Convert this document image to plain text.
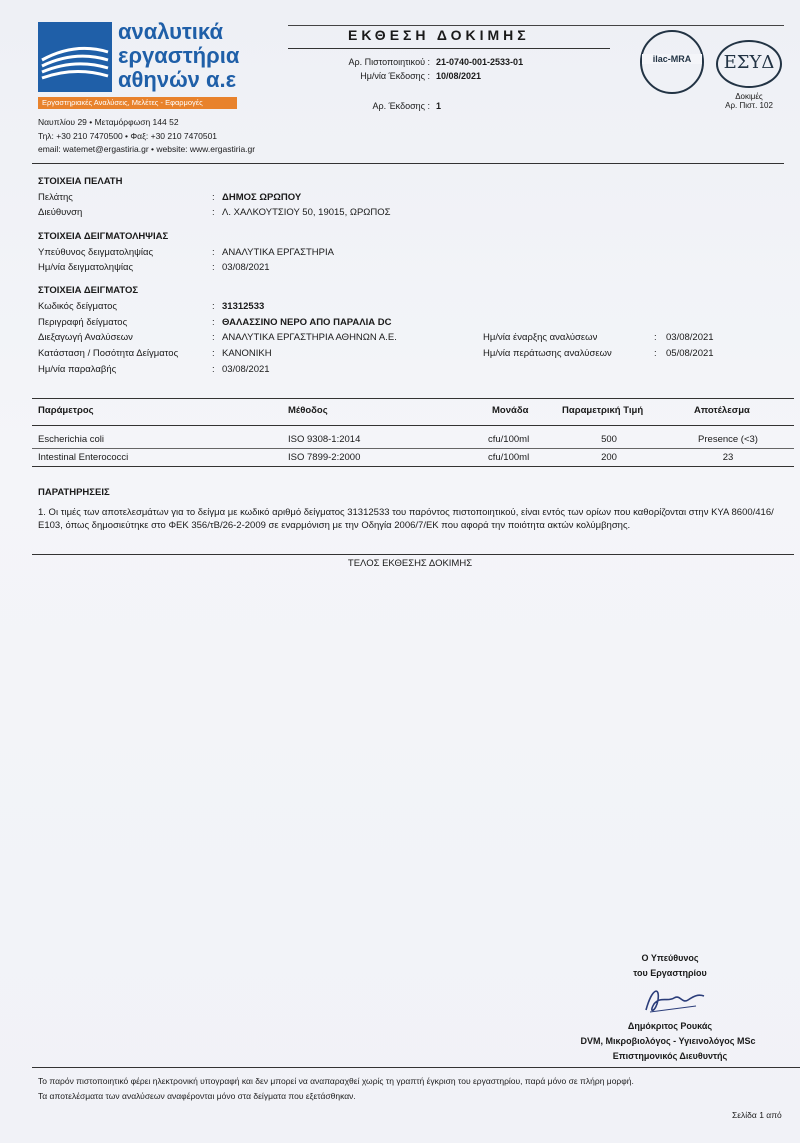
αναλυτικά
εργαστήρια
αθηνών α.ε
Εργαστηριακές Αναλύσεις, Μελέτες - Εφαρμογές
Ναυπλίου 29 • Μεταμόρφωση 144 52
Τηλ: +30 210 7470500 • Φαξ: +30 210 7470501
email: watemet@ergastiria.gr • website: www.ergastiria.gr
ΕΚΘΕΣΗ ΔΟΚΙΜΗΣ
Αρ. Πιστοποιητικού : 21-0740-001-2533-01
Ημ/νία Έκδοσης : 10/08/2021
Αρ. Έκδοσης : 1
ilac-MRA	ΕΣΥΔ
Δοκιμές
Αρ. Πιστ. 102
ΣΤΟΙΧΕΙΑ ΠΕΛΑΤΗ
Πελάτης	: ΔΗΜΟΣ ΩΡΩΠΟΥ
Διεύθυνση	: Λ. ΧΑΛΚΟΥΤΣΙΟΥ 50, 19015, ΩΡΩΠΟΣ
ΣΤΟΙΧΕΙΑ ΔΕΙΓΜΑΤΟΛΗΨΙΑΣ
Υπεύθυνος δειγματοληψίας	: ΑΝΑΛΥΤΙΚΑ ΕΡΓΑΣΤΗΡΙΑ
Ημ/νία δειγματοληψίας	: 03/08/2021
ΣΤΟΙΧΕΙΑ ΔΕΙΓΜΑΤΟΣ
Κωδικός δείγματος	: 31312533
Περιγραφή δείγματος	: ΘΑΛΑΣΣΙΝΟ ΝΕΡΟ ΑΠΟ ΠΑΡΑΛΙΑ DC
Διεξαγωγή Αναλύσεων	: ΑΝΑΛΥΤΙΚΑ ΕΡΓΑΣΤΗΡΙΑ ΑΘΗΝΩΝ Α.Ε.
Κατάσταση / Ποσότητα Δείγματος	: ΚΑΝΟΝΙΚΗ
Ημ/νία παραλαβής	: 03/08/2021
Ημ/νία έναρξης αναλύσεων	: 03/08/2021
Ημ/νία περάτωσης αναλύσεων	: 05/08/2021
Παράμετρος	Μέθοδος	Μονάδα	Παραμετρική Τιμή	Αποτέλεσμα
Escherichia coli	ISO 9308-1:2014	cfu/100ml	500	Presence (<3)
Intestinal Enterococci	ISO 7899-2:2000	cfu/100ml	200	23
ΠΑΡΑΤΗΡΗΣΕΙΣ
1. Οι τιμές των αποτελεσμάτων για το δείγμα με κωδικό αριθμό δείγματος 31312533 του παρόντος πιστοποιητικού, είναι εντός των ορίων που καθορίζονται στην ΚΥΑ 8600/416/Ε103, όπως δημοσιεύτηκε στο ΦΕΚ 356/τΒ/26-2-2009 σε εναρμόνιση με την Οδηγία 2006/7/ΕΚ που αφορά την ποιότητα ακτών κολύμβησης.
ΤΕΛΟΣ ΕΚΘΕΣΗΣ ΔΟΚΙΜΗΣ
Ο Υπεύθυνος
του Εργαστηρίου
Δημόκριτος Ρουκάς
DVM, Μικροβιολόγος - Υγιεινολόγος MSc
Επιστημονικός Διευθυντής
Το παρόν πιστοποιητικό φέρει ηλεκτρονική υπογραφή και δεν μπορεί να αναπαραχθεί χωρίς τη γραπτή έγκριση του εργαστηρίου, παρά μόνο σε πλήρη μορφή.
Τα αποτελέσματα των αναλύσεων αναφέρονται μόνο στα δείγματα που εξετάσθηκαν.
Σελίδα 1 από
